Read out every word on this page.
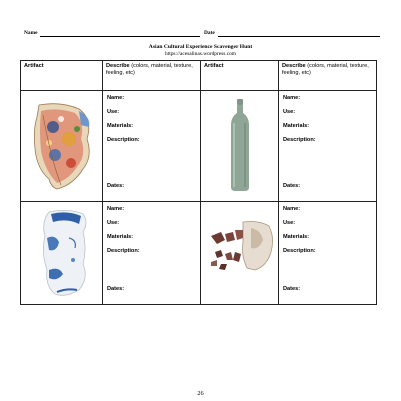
Name	Date
Asian Cultural Experience Scavenger Hunt
https://acesalinas.wordpress.com
Artifact	Describe (colors, material, texture, feeling, etc)	Artifact	Describe (colors, material, texture, feeling, etc)

Name:
Use:
Materials:
Description:
Dates:		Name:
Use:
Materials:
Description:
Dates:

Name:
Use:
Materials:
Description:
Dates:		Name:
Use:
Materials:
Description:
Dates:
26
